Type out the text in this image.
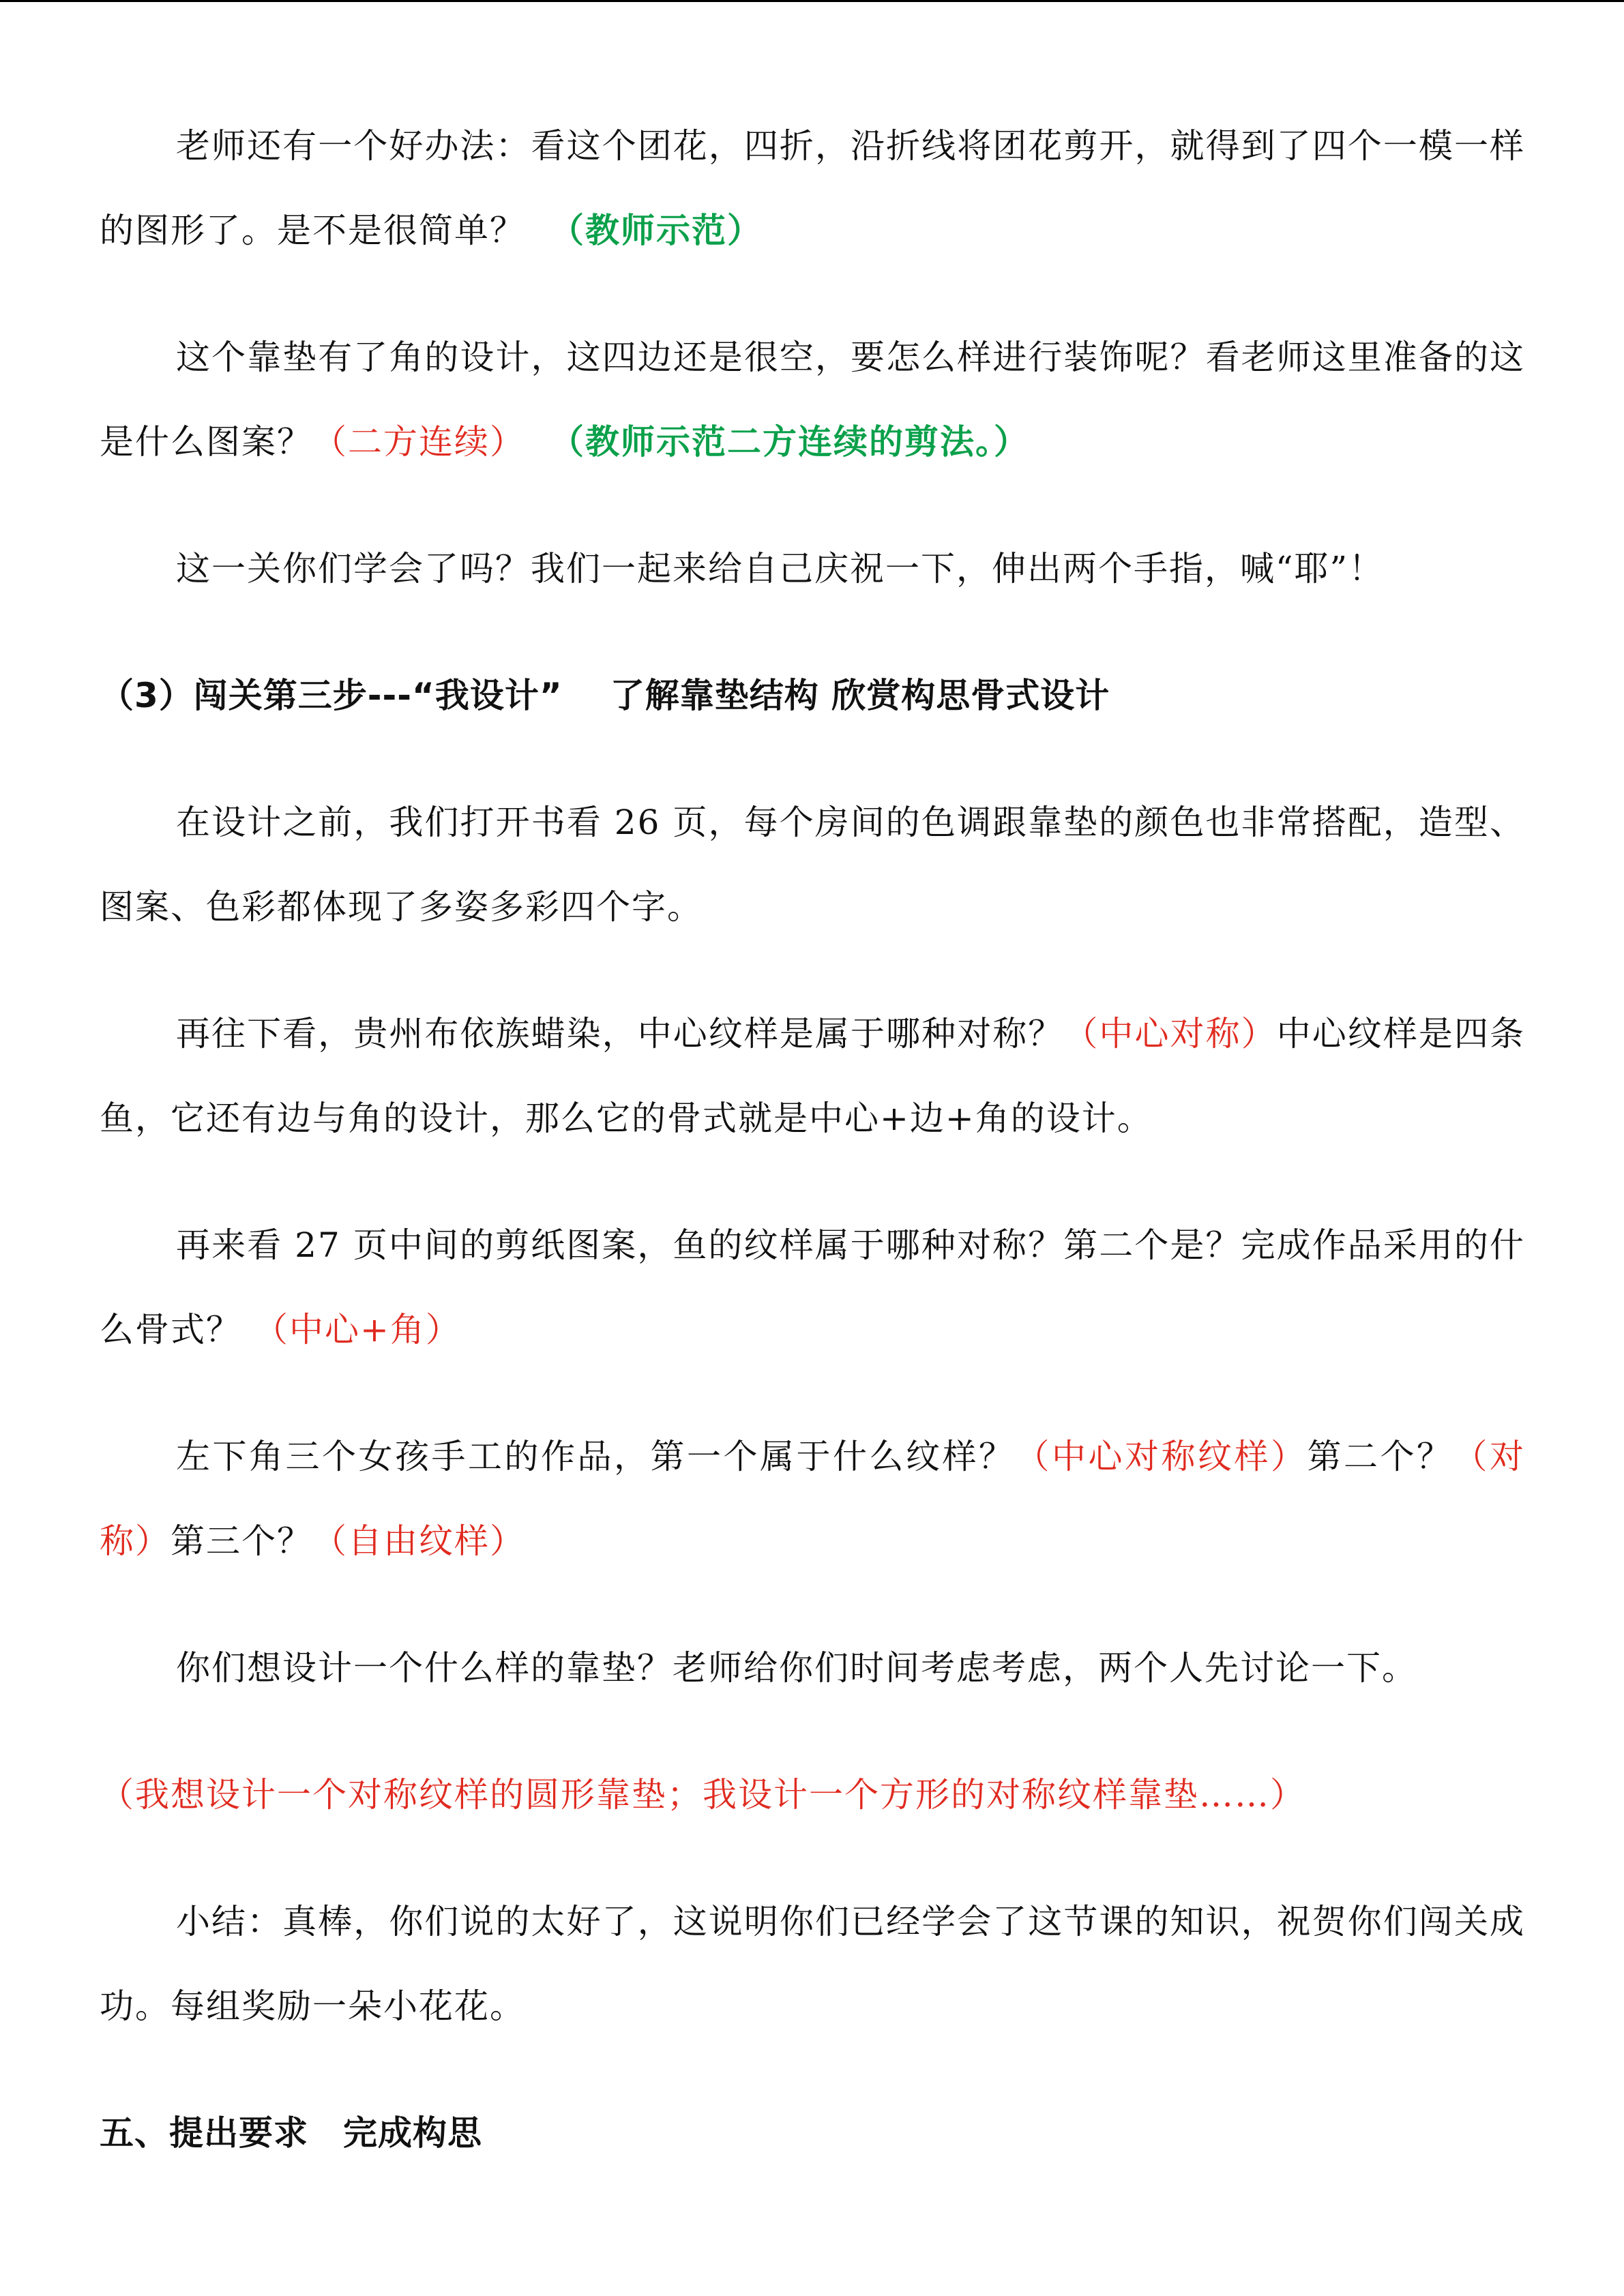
老师还有一个好办法：看这个团花，四折，沿折线将团花剪开，就得到了四个一模一样的图形了。是不是很简单？ （教师示范）

这个靠垫有了角的设计，这四边还是很空，要怎么样进行装饰呢？看老师这里准备的这是什么图案？（二方连续） （教师示范二方连续的剪法。）

这一关你们学会了吗？我们一起来给自己庆祝一下，伸出两个手指，喊“耶”！

（3）闯关第三步---“我设计” 了解靠垫结构 欣赏构思骨式设计

在设计之前，我们打开书看 26 页，每个房间的色调跟靠垫的颜色也非常搭配，造型、图案、色彩都体现了多姿多彩四个字。

再往下看，贵州布依族蜡染，中心纹样是属于哪种对称？（中心对称）中心纹样是四条鱼，它还有边与角的设计，那么它的骨式就是中心+边+角的设计。

再来看 27 页中间的剪纸图案，鱼的纹样属于哪种对称？第二个是？完成作品采用的什么骨式？ （中心+角）

左下角三个女孩手工的作品，第一个属于什么纹样？（中心对称纹样）第二个？（对称）第三个？（自由纹样）

你们想设计一个什么样的靠垫？老师给你们时间考虑考虑，两个人先讨论一下。

（我想设计一个对称纹样的圆形靠垫；我设计一个方形的对称纹样靠垫……）

小结：真棒，你们说的太好了，这说明你们已经学会了这节课的知识，祝贺你们闯关成功。每组奖励一朵小花花。

五、提出要求　完成构思
